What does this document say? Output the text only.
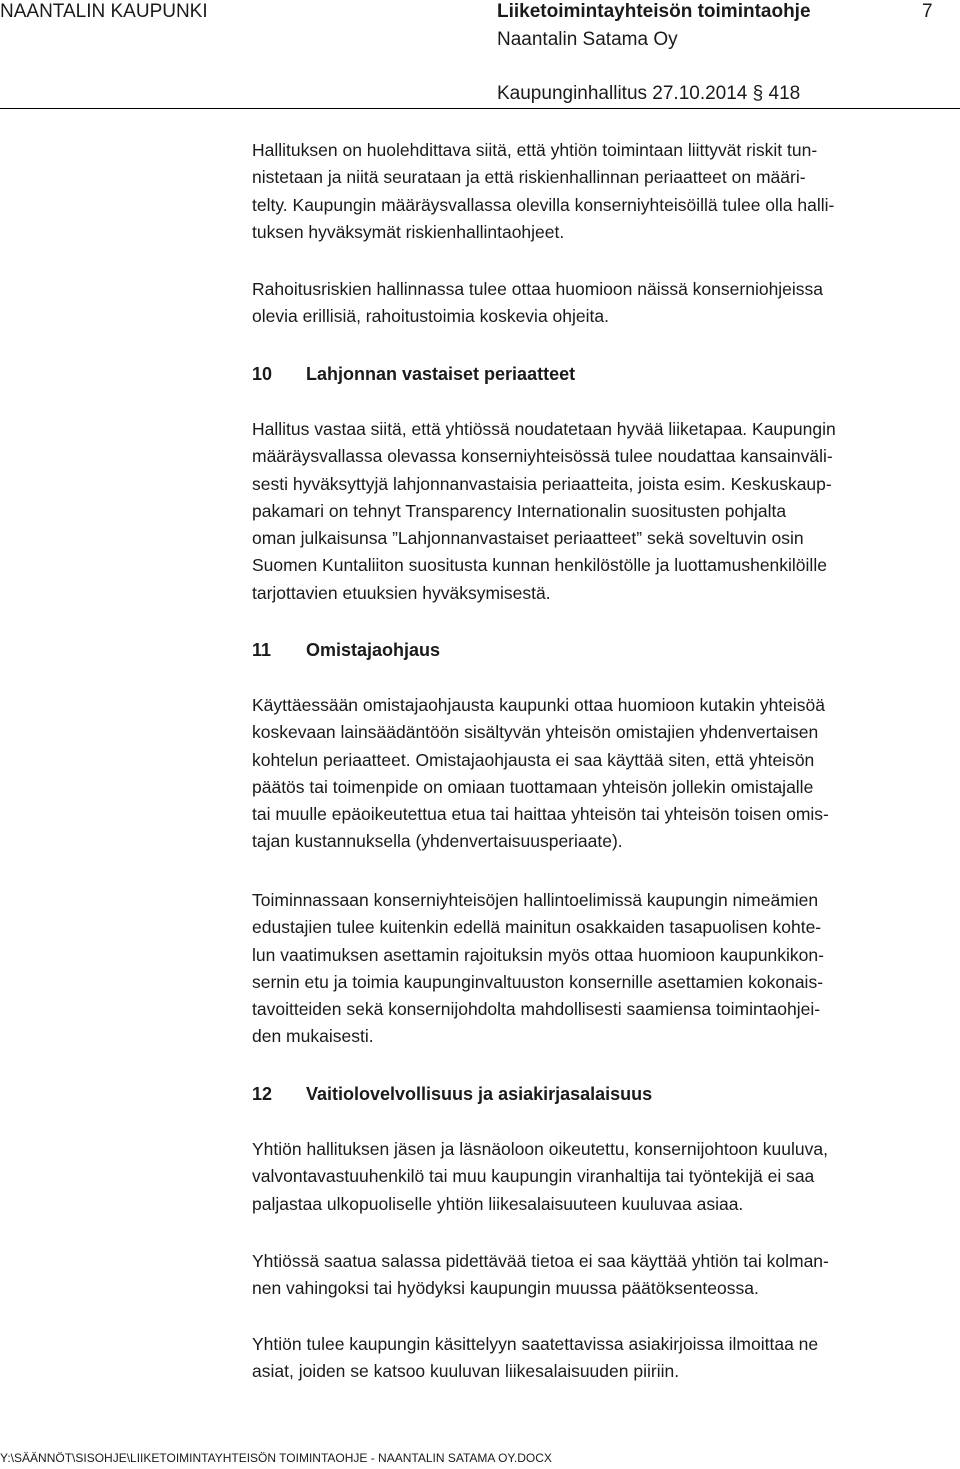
NAANTALIN KAUPUNKI	Liiketoimintayhteisön toimintaohje	7
Naantalin Satama Oy
Kaupunginhallitus 27.10.2014 § 418
Hallituksen on huolehdittava siitä, että yhtiön toimintaan liittyvät riskit tun-
nistetaan ja niitä seurataan ja että riskienhallinnan periaatteet on määri-
telty. Kaupungin määräysvallassa olevilla konserniyhteisöillä tulee olla halli-
tuksen hyväksymät riskienhallintaohjeet.
Rahoitusriskien hallinnassa tulee ottaa huomioon näissä konserniohjeissa
olevia erillisiä, rahoitustoimia koskevia ohjeita.
10 Lahjonnan vastaiset periaatteet
Hallitus vastaa siitä, että yhtiössä noudatetaan hyvää liiketapaa. Kaupungin
määräysvallassa olevassa konserniyhteisössä tulee noudattaa kansainväli-
sesti hyväksyttyjä lahjonnanvastaisia periaatteita, joista esim. Keskuskaup-
pakamari on tehnyt Transparency Internationalin suositusten pohjalta
oman julkaisunsa ”Lahjonnanvastaiset periaatteet” sekä soveltuvin osin
Suomen Kuntaliiton suositusta kunnan henkilöstölle ja luottamushenkilöille
tarjottavien etuuksien hyväksymisestä.
11 Omistajaohjaus
Käyttäessään omistajaohjausta kaupunki ottaa huomioon kutakin yhteisöä
koskevaan lainsäädäntöön sisältyvän yhteisön omistajien yhdenvertaisen
kohtelun periaatteet. Omistajaohjausta ei saa käyttää siten, että yhteisön
päätös tai toimenpide on omiaan tuottamaan yhteisön jollekin omistajalle
tai muulle epäoikeutettua etua tai haittaa yhteisön tai yhteisön toisen omis-
tajan kustannuksella (yhdenvertaisuusperiaate).
Toiminnassaan konserniyhteisöjen hallintoelimissä kaupungin nimeämien
edustajien tulee kuitenkin edellä mainitun osakkaiden tasapuolisen kohte-
lun vaatimuksen asettamin rajoituksin myös ottaa huomioon kaupunkikon-
sernin etu ja toimia kaupunginvaltuuston konsernille asettamien kokonais-
tavoitteiden sekä konsernijohdolta mahdollisesti saamiensa toimintaohjei-
den mukaisesti.
12 Vaitiolovelvollisuus ja asiakirjasalaisuus
Yhtiön hallituksen jäsen ja läsnäoloon oikeutettu, konsernijohtoon kuuluva,
valvontavastuuhenkilö tai muu kaupungin viranhaltija tai työntekijä ei saa
paljastaa ulkopuoliselle yhtiön liikesalaisuuteen kuuluvaa asiaa.
Yhtiössä saatua salassa pidettävää tietoa ei saa käyttää yhtiön tai kolman-
nen vahingoksi tai hyödyksi kaupungin muussa päätöksenteossa.
Yhtiön tulee kaupungin käsittelyyn saatettavissa asiakirjoissa ilmoittaa ne
asiat, joiden se katsoo kuuluvan liikesalaisuuden piiriin.
Y:\SÄÄNNÖT\SISOHJE\LIIKETOIMINTAYHTEISÖN TOIMINTAOHJE - NAANTALIN SATAMA OY.DOCX
